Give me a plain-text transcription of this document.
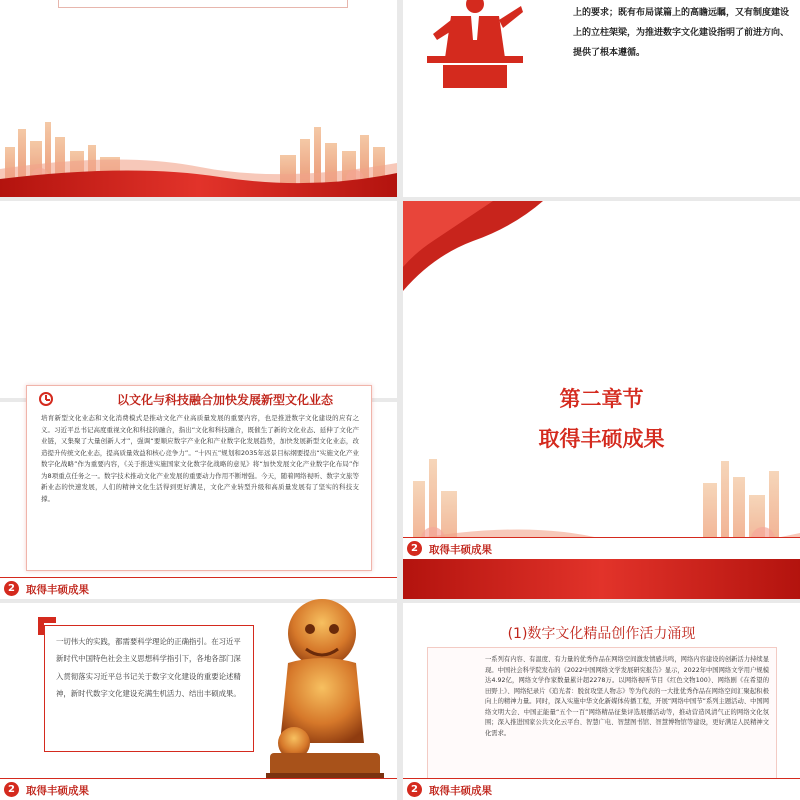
上的要求；既有布局谋篇上的高瞻远瞩，又有制度建设上的立柱架梁，为推进数字文化建设指明了前进方向、提供了根本遵循。
以文化与科技融合加快发展新型文化业态
培育新型文化业态和文化消费模式是推动文化产业高质量发展的重要内容，也是推进数字文化建设的应有之义。习近平总书记高度重视文化和科技的融合，指出“文化和科技融合，既催生了新的文化业态、延伸了文化产业链，又集聚了大量创新人才”，强调“要顺应数字产业化和产业数字化发展趋势，加快发展新型文化业态，改造提升传统文化业态，提高质量效益和核心竞争力”。“十四五”规划和2035年远景目标纲要提出“实施文化产业数字化战略”作为重要内容，《关于推进实施国家文化数字化战略的意见》将“加快发展文化产业数字化布局”作为8项重点任务之一。数字技术推动文化产业发展的重要动力作用不断增强。今天，随着网络视听、数字文旅等新业态的快速发展，人们的精神文化生活得到更好满足，文化产业转型升级和高质量发展有了坚实的科技支撑。
2	取得丰硕成果
第二章节
取得丰硕成果
2	取得丰硕成果
一切伟大的实践，都需要科学理论的正确指引。在习近平新时代中国特色社会主义思想科学指引下，各地各部门深入贯彻落实习近平总书记关于数字文化建设的重要论述精神，新时代数字文化建设充满生机活力、结出丰硕成果。
2	取得丰硕成果
(1)数字文化精品创作活力涌现
一系列有内容、有温度、有力量的优秀作品在网络空间激发情感共鸣，网络内容建设的创新活力持续显现。中国社会科学院发布的《2022中国网络文学发展研究报告》显示，2022年中国网络文学用户规模达4.92亿，网络文学作家数量累计超2278万。以网络视听节目《红色文物100》、网络剧《在希望的田野上》、网络纪录片《追光者：脱贫攻坚人物志》等为代表的一大批优秀作品在网络空间汇聚起积极向上的精神力量。同时，深入实施中华文化新媒体传播工程，开展“网络中国节”系列主题活动、中国网络文明大会、中国正能量“五个一百”网络精品征集评选展播活动等，推动营造风清气正的网络文化氛围；深入推进国家公共文化云平台、智慧广电、智慧图书馆、智慧博物馆等建设，更好满足人民精神文化需求。
2	取得丰硕成果
